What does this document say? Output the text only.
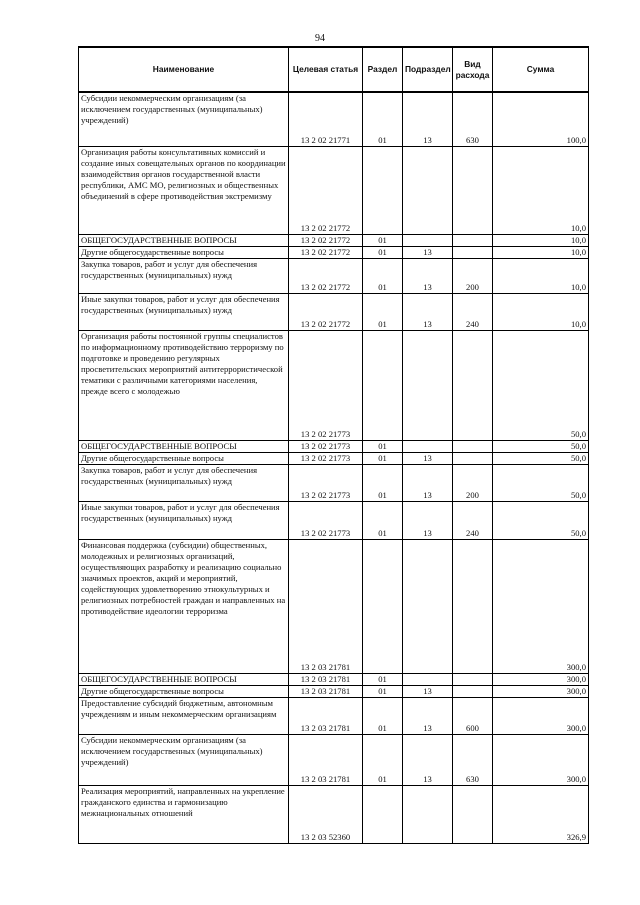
94
Наименование	Целевая статья	Раздел	Подраздел	Вид расхода	Сумма
Субсидии некоммерческим организациям (за исключением государственных (муниципальных) учреждений)	13 2 02 21771	01	13	630	100,0
Организация работы консультативных комиссий и создание иных совещательных органов по координации взаимодействия органов государственной власти республики, АМС МО, религиозных и общественных объединений в сфере противодействия экстремизму	13 2 02 21772				10,0
ОБЩЕГОСУДАРСТВЕННЫЕ ВОПРОСЫ	13 2 02 21772	01			10,0
Другие общегосударственные вопросы	13 2 02 21772	01	13		10,0
Закупка товаров, работ и услуг для обеспечения государственных (муниципальных) нужд	13 2 02 21772	01	13	200	10,0
Иные закупки товаров, работ и услуг для обеспечения государственных (муниципальных) нужд	13 2 02 21772	01	13	240	10,0
Организация работы постоянной группы специалистов по информационному противодействию терроризму по подготовке и проведению регулярных просветительских мероприятий антитеррористической тематики с различными категориями населения, прежде всего с молодежью	13 2 02 21773				50,0
ОБЩЕГОСУДАРСТВЕННЫЕ ВОПРОСЫ	13 2 02 21773	01			50,0
Другие общегосударственные вопросы	13 2 02 21773	01	13		50,0
Закупка товаров, работ и услуг для обеспечения государственных (муниципальных) нужд	13 2 02 21773	01	13	200	50,0
Иные закупки товаров, работ и услуг для обеспечения государственных (муниципальных) нужд	13 2 02 21773	01	13	240	50,0
Финансовая поддержка (субсидии) общественных, молодежных и религиозных организаций, осуществляющих разработку и реализацию социально значимых проектов, акций и мероприятий, содействующих удовлетворению этнокультурных и религиозных потребностей граждан и направленных на противодействие идеологии терроризма	13 2 03 21781				300,0
ОБЩЕГОСУДАРСТВЕННЫЕ ВОПРОСЫ	13 2 03 21781	01			300,0
Другие общегосударственные вопросы	13 2 03 21781	01	13		300,0
Предоставление субсидий бюджетным, автономным учреждениям и иным некоммерческим организациям	13 2 03 21781	01	13	600	300,0
Субсидии некоммерческим организациям (за исключением государственных (муниципальных) учреждений)	13 2 03 21781	01	13	630	300,0
Реализация мероприятий, направленных на укрепление гражданского единства и гармонизацию межнациональных отношений	13 2 03 52360				326,9
